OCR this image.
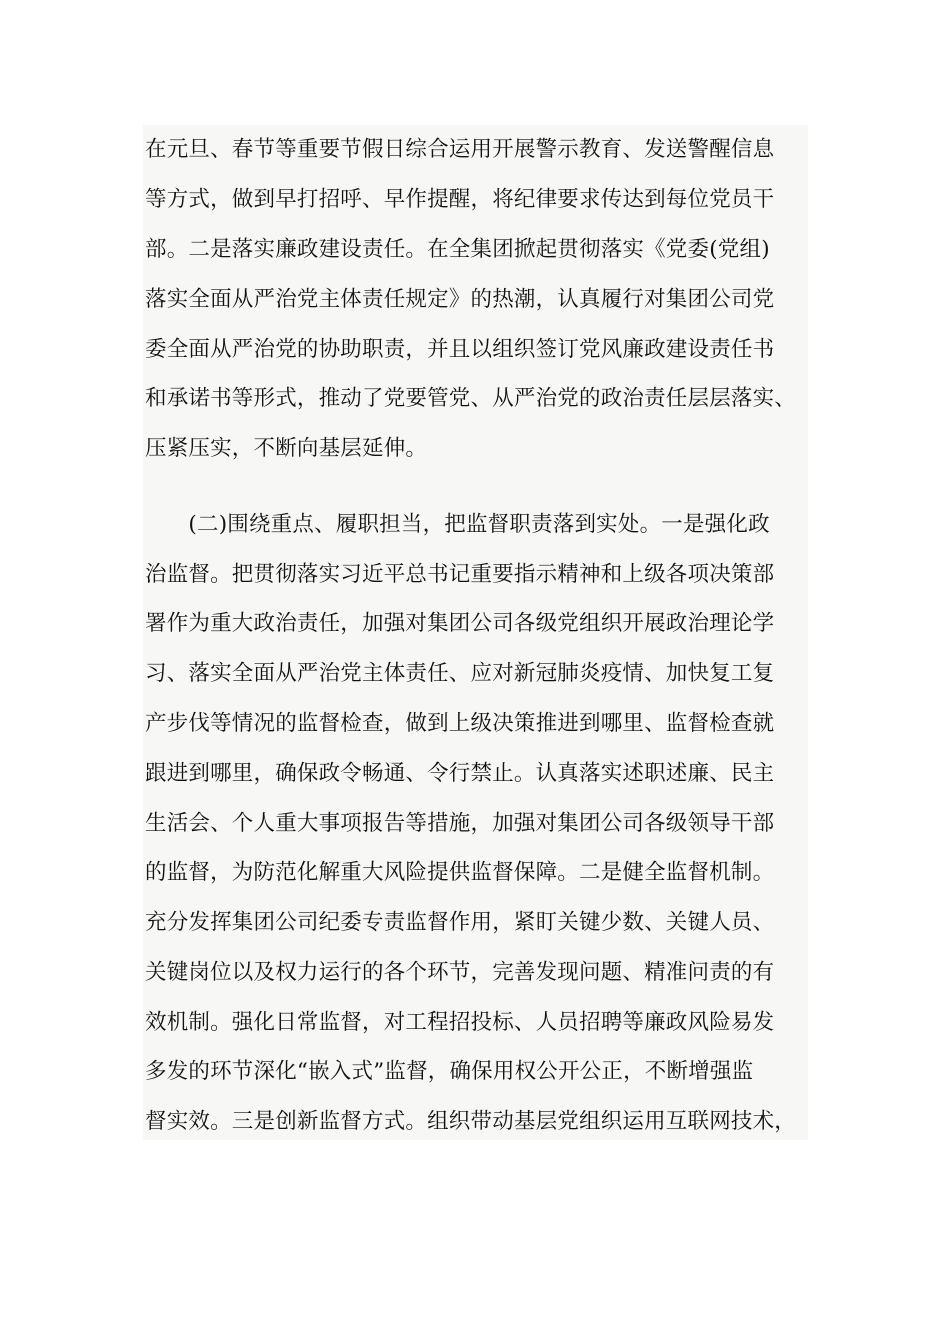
在元旦、春节等重要节假日综合运用开展警示教育、发送警醒信息
等方式，做到早打招呼、早作提醒，将纪律要求传达到每位党员干
部。二是落实廉政建设责任。在全集团掀起贯彻落实《党委(党组)
落实全面从严治党主体责任规定》的热潮，认真履行对集团公司党
委全面从严治党的协助职责，并且以组织签订党风廉政建设责任书
和承诺书等形式，推动了党要管党、从严治党的政治责任层层落实、
压紧压实，不断向基层延伸。
　　(二)围绕重点、履职担当，把监督职责落到实处。一是强化政
治监督。把贯彻落实习近平总书记重要指示精神和上级各项决策部
署作为重大政治责任，加强对集团公司各级党组织开展政治理论学
习、落实全面从严治党主体责任、应对新冠肺炎疫情、加快复工复
产步伐等情况的监督检查，做到上级决策推进到哪里、监督检查就
跟进到哪里，确保政令畅通、令行禁止。认真落实述职述廉、民主
生活会、个人重大事项报告等措施，加强对集团公司各级领导干部
的监督，为防范化解重大风险提供监督保障。二是健全监督机制。
充分发挥集团公司纪委专责监督作用，紧盯关键少数、关键人员、
关键岗位以及权力运行的各个环节，完善发现问题、精准问责的有
效机制。强化日常监督，对工程招投标、人员招聘等廉政风险易发
多发的环节深化“嵌入式”监督，确保用权公开公正，不断增强监
督实效。三是创新监督方式。组织带动基层党组织运用互联网技术，
